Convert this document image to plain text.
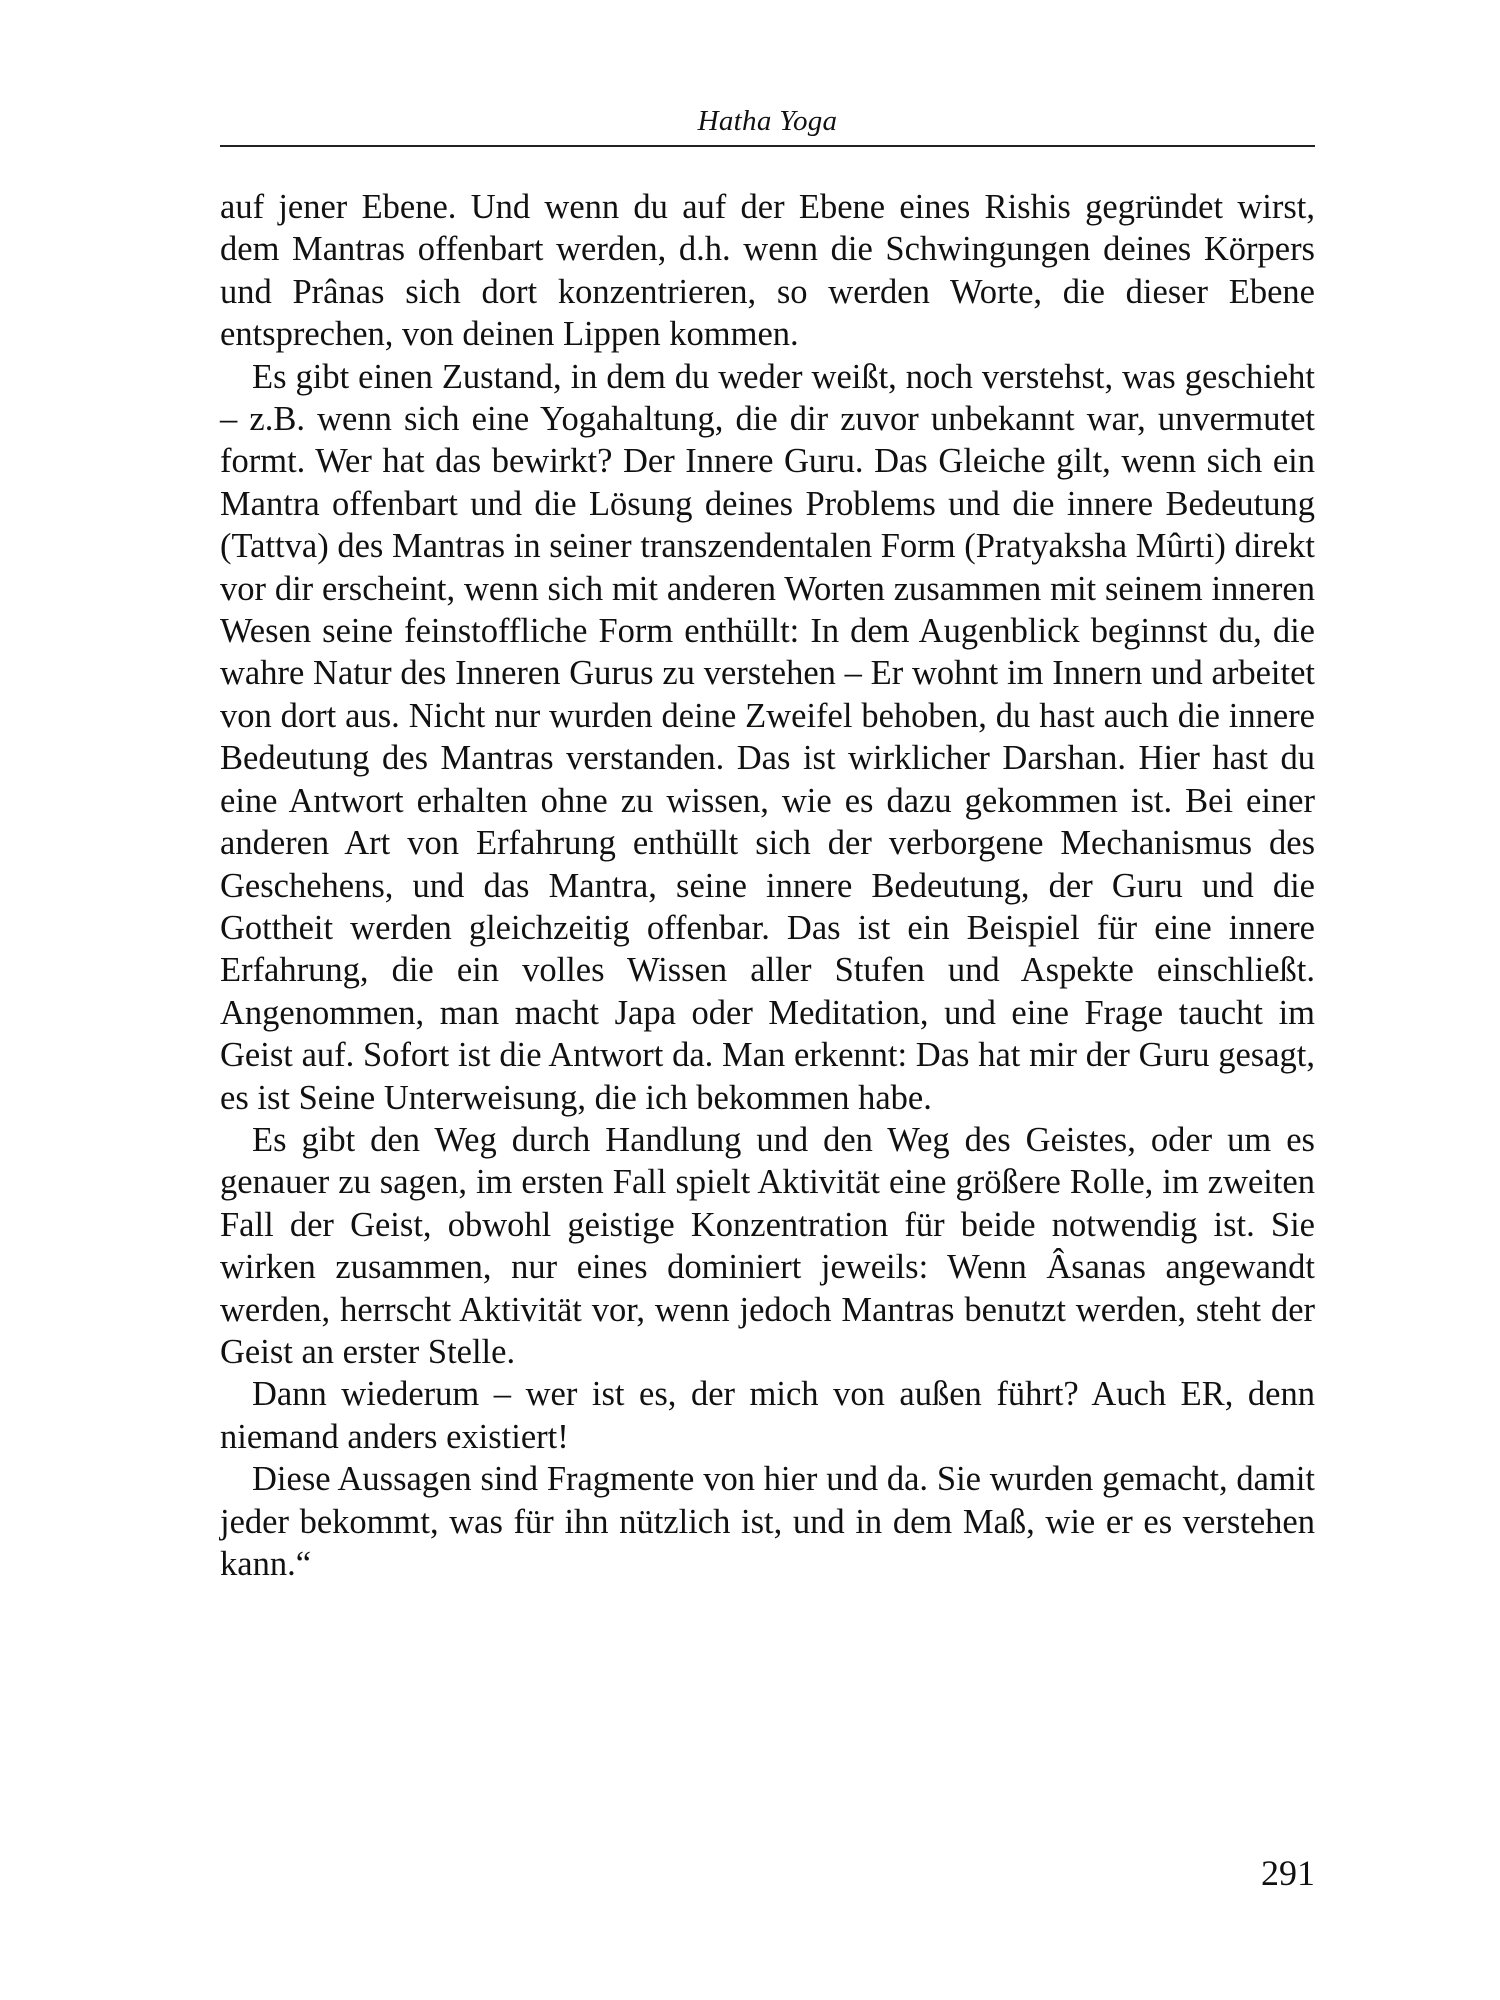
Hatha Yoga

auf jener Ebene. Und wenn du auf der Ebene eines Rishis gegründet wirst, dem Mantras offenbart werden, d.h. wenn die Schwingungen deines Körpers und Prânas sich dort konzentrieren, so werden Worte, die dieser Ebene entsprechen, von deinen Lippen kommen.

Es gibt einen Zustand, in dem du weder weißt, noch verstehst, was geschieht – z.B. wenn sich eine Yogahaltung, die dir zuvor unbekannt war, unvermutet formt. Wer hat das bewirkt? Der Innere Guru. Das Gleiche gilt, wenn sich ein Mantra offenbart und die Lösung deines Problems und die innere Bedeutung (Tattva) des Mantras in seiner transzendentalen Form (Pratyaksha Mûrti) direkt vor dir erscheint, wenn sich mit anderen Worten zusammen mit seinem inneren Wesen seine feinstoffliche Form enthüllt: In dem Augenblick beginnst du, die wahre Natur des Inneren Gurus zu verstehen – Er wohnt im Innern und arbeitet von dort aus. Nicht nur wurden deine Zweifel behoben, du hast auch die innere Bedeutung des Mantras verstanden. Das ist wirklicher Darshan. Hier hast du eine Antwort erhalten ohne zu wissen, wie es dazu gekommen ist. Bei einer anderen Art von Erfahrung enthüllt sich der verborgene Mechanismus des Geschehens, und das Mantra, seine innere Bedeutung, der Guru und die Gottheit werden gleichzeitig offenbar. Das ist ein Beispiel für eine innere Erfahrung, die ein volles Wissen aller Stufen und Aspekte einschließt. Angenommen, man macht Japa oder Meditation, und eine Frage taucht im Geist auf. Sofort ist die Antwort da. Man erkennt: Das hat mir der Guru gesagt, es ist Seine Unterweisung, die ich bekommen habe.

Es gibt den Weg durch Handlung und den Weg des Geistes, oder um es genauer zu sagen, im ersten Fall spielt Aktivität eine größere Rolle, im zweiten Fall der Geist, obwohl geistige Konzentration für beide notwendig ist. Sie wirken zusammen, nur eines dominiert jeweils: Wenn Âsanas angewandt werden, herrscht Aktivität vor, wenn jedoch Mantras benutzt werden, steht der Geist an erster Stelle.

Dann wiederum – wer ist es, der mich von außen führt? Auch ER, denn niemand anders existiert!

Diese Aussagen sind Fragmente von hier und da. Sie wurden gemacht, damit jeder bekommt, was für ihn nützlich ist, und in dem Maß, wie er es verstehen kann.“

291
